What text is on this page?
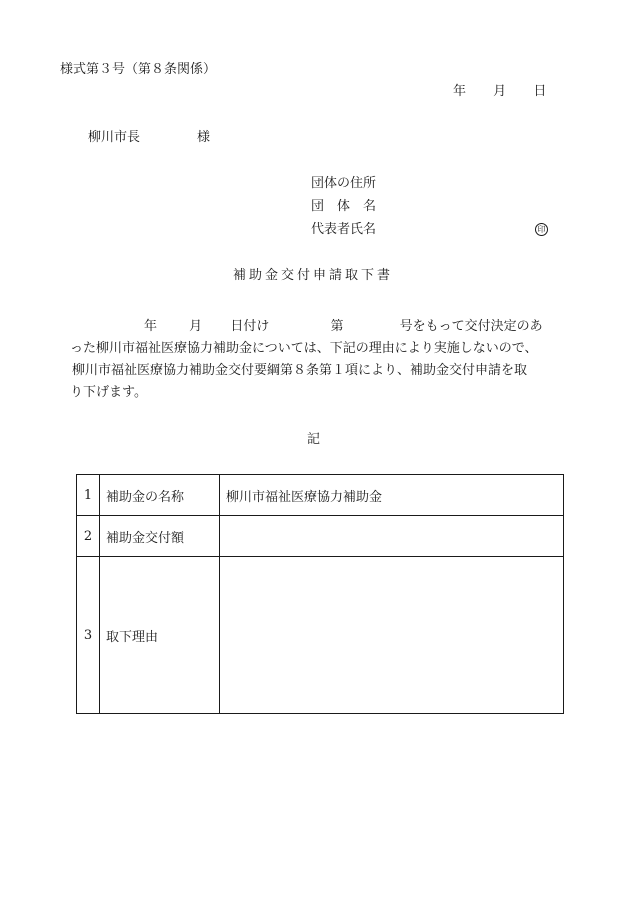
様式第３号（第８条関係）
年 月 日
柳川市長	様
団体の住所
団　体　名
代表者氏名	印
補助金交付申請取下書
年 月 日付け	第	号をもって交付決定のあ
った柳川市福祉医療協力補助金については、下記の理由により実施しないので、
柳川市福祉医療協力補助金交付要綱第８条第１項により、補助金交付申請を取
り下げます。
記
1	補助金の名称	柳川市福祉医療協力補助金
2	補助金交付額	
3	取下理由	
